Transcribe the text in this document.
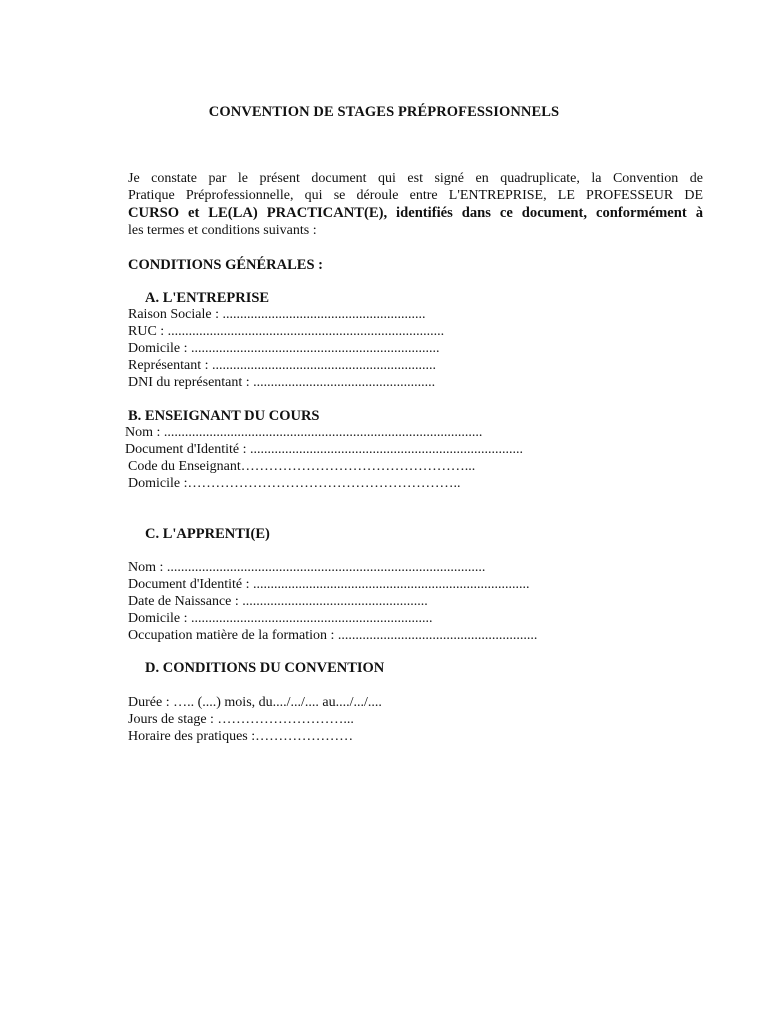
CONVENTION DE STAGES PRÉPROFESSIONNELS
Je constate par le présent document qui est signé en quadruplicate, la Convention de
Pratique Préprofessionnelle, qui se déroule entre L'ENTREPRISE, LE PROFESSEUR DE
CURSO et LE(LA) PRACTICANT(E), identifiés dans ce document, conformément à
les termes et conditions suivants :
CONDITIONS GÉNÉRALES :
A. L'ENTREPRISE
Raison Sociale : ..........................................................
RUC : ...............................................................................
Domicile : .......................................................................
Représentant : ................................................................
DNI du représentant : ....................................................
B. ENSEIGNANT DU COURS
Nom : ...........................................................................................
Document d'Identité : ..............................................................................
Code du Enseignant…………………………………………...
Domicile :…………………………………………………..
C. L'APPRENTI(E)
Nom : ...........................................................................................
Document d'Identité : ...............................................................................
Date de Naissance : .....................................................
Domicile : .....................................................................
Occupation matière de la formation : .........................................................
D. CONDITIONS DU CONVENTION
Durée : ….. (....) mois, du..../.../.... au..../.../....
Jours de stage : ………………………...
Horaire des pratiques :…………………
